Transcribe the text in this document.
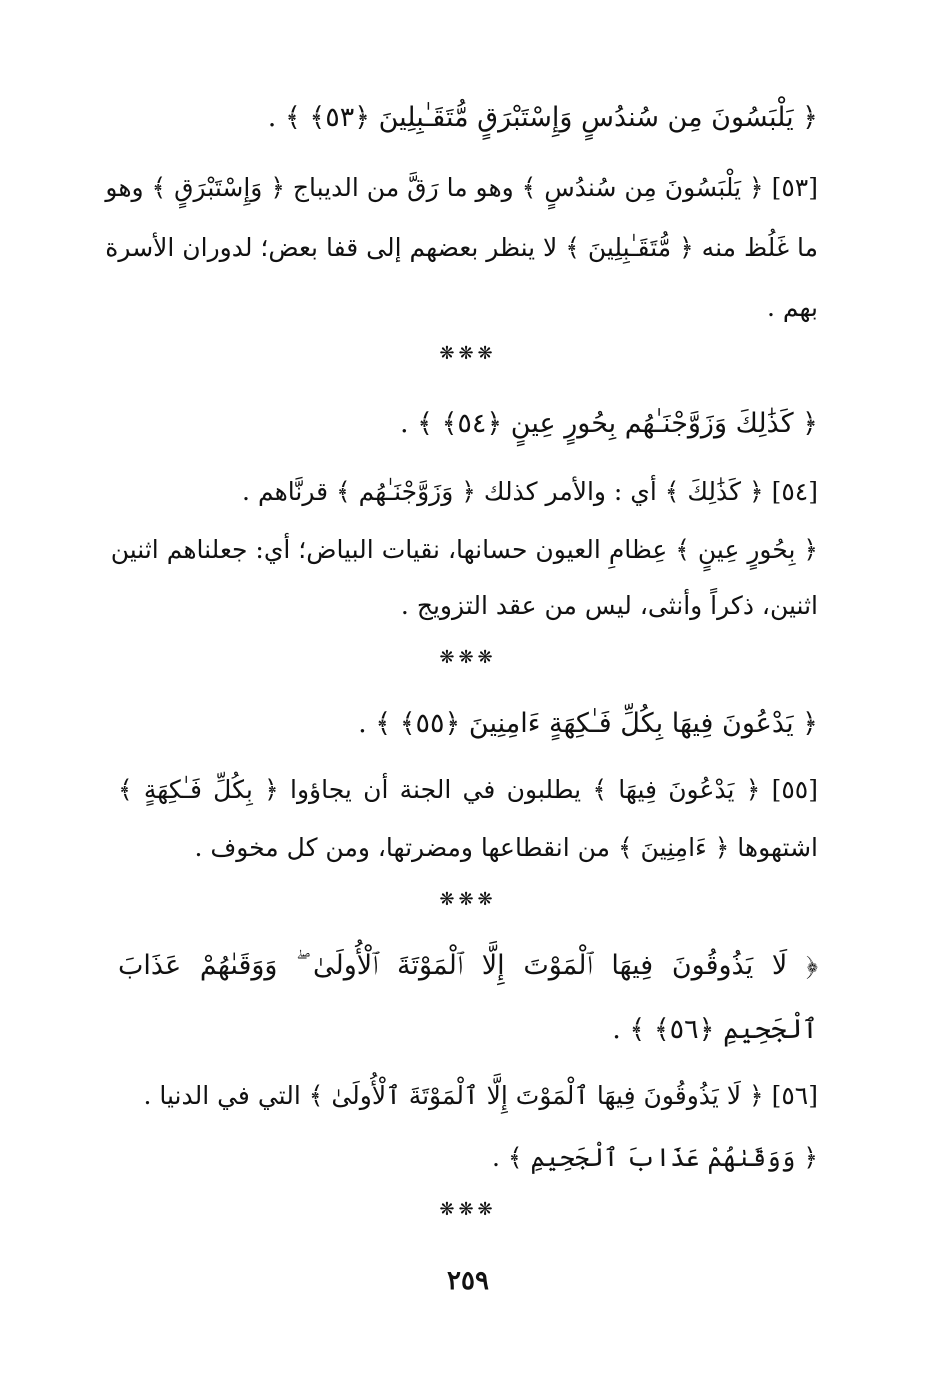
﴿ يَلْبَسُونَ مِن سُندُسٍ وَإِسْتَبْرَقٍ مُّتَقَـٰبِلِينَ ﴿٥٣﴾ ﴾ .
[٥٣] ﴿ يَلْبَسُونَ مِن سُندُسٍ ﴾ وهو ما رَقَّ من الديباج ﴿ وَإِسْتَبْرَقٍ ﴾ وهو
ما غَلُظ منه ﴿ مُّتَقَـٰبِلِينَ ﴾ لا ينظر بعضهم إلى قفا بعض؛ لدوران الأسرة
بهم .
❋❋❋
﴿ كَذَٰلِكَ وَزَوَّجْنَـٰهُم بِحُورٍ عِينٍ ﴿٥٤﴾ ﴾ .
[٥٤] ﴿ كَذَٰلِكَ ﴾ أي : والأمر كذلك ﴿ وَزَوَّجْنَـٰهُم ﴾ قرنَّاهم .
﴿ بِحُورٍ عِينٍ ﴾ عِظامِ العيون حسانها، نقيات البياض؛ أي: جعلناهم اثنين
اثنين، ذكراً وأنثى، ليس من عقد التزويج .
❋❋❋
﴿ يَدْعُونَ فِيهَا بِكُلِّ فَـٰكِهَةٍ ءَامِنِينَ ﴿٥٥﴾ ﴾ .
[٥٥] ﴿ يَدْعُونَ فِيهَا ﴾ يطلبون في الجنة أن يجاؤوا ﴿ بِكُلِّ فَـٰكِهَةٍ ﴾
اشتهوها ﴿ ءَامِنِينَ ﴾ من انقطاعها ومضرتها، ومن كل مخوف .
❋❋❋
﴿ لَا يَذُوقُونَ فِيهَا ٱلْمَوْتَ إِلَّا ٱلْمَوْتَةَ ٱلْأُولَىٰ ۖ وَوَقَىٰهُمْ عَذَابَ
ٱلْجَحِيمِ ﴿٥٦﴾ ﴾ .
[٥٦] ﴿ لَا يَذُوقُونَ فِيهَا ٱلْمَوْتَ إِلَّا ٱلْمَوْتَةَ ٱلْأُولَىٰ ﴾ التي في الدنيا .
﴿ وَوَقَىٰهُمْ عَذَابَ ٱلْجَحِيمِ ﴾ .
❋❋❋
٢٥٩
